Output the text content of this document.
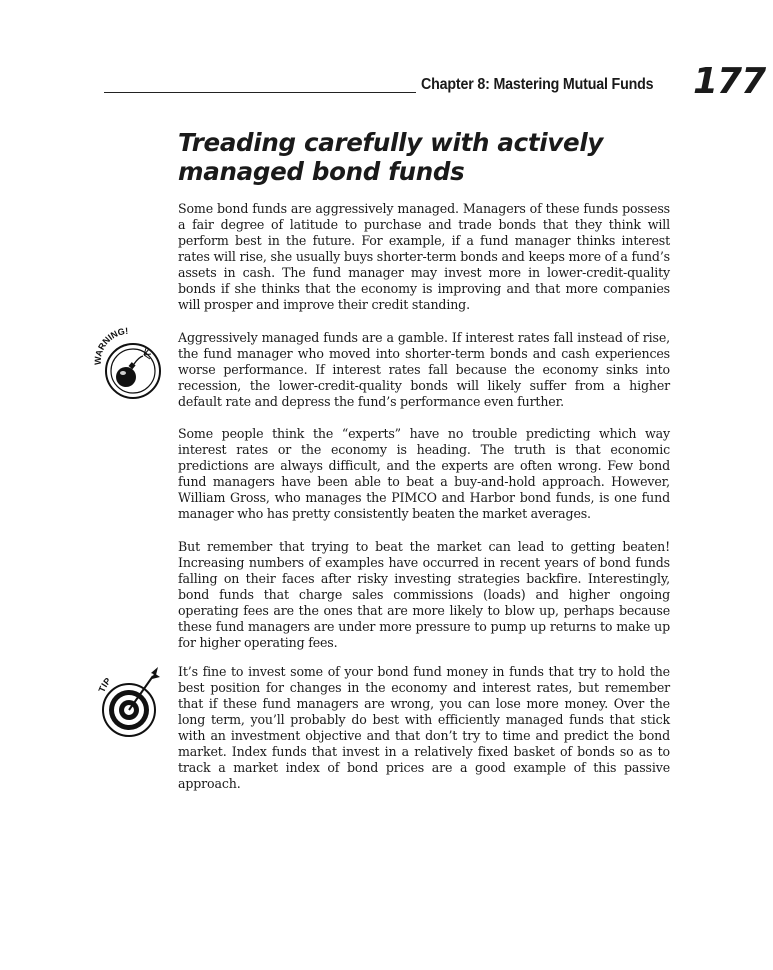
Chapter 8: Mastering Mutual Funds 177
Treading carefully with actively managed bond funds

Some bond funds are aggressively managed. Managers of these funds possess a fair degree of latitude to purchase and trade bonds that they think will perform best in the future. For example, if a fund manager thinks interest rates will rise, she usually buys shorter-term bonds and keeps more of a fund’s assets in cash. The fund manager may invest more in lower-credit-quality bonds if she thinks that the economy is improving and that more companies will prosper and improve their credit standing.

WARNING!	Aggressively managed funds are a gamble. If interest rates fall instead of rise, the fund manager who moved into shorter-term bonds and cash experiences worse performance. If interest rates fall because the economy sinks into recession, the lower-credit-quality bonds will likely suffer from a higher default rate and depress the fund’s performance even further.

Some people think the “experts” have no trouble predicting which way interest rates or the economy is heading. The truth is that economic predictions are always difficult, and the experts are often wrong. Few bond fund managers have been able to beat a buy-and-hold approach. However, William Gross, who manages the PIMCO and Harbor bond funds, is one fund manager who has pretty consistently beaten the market averages.

But remember that trying to beat the market can lead to getting beaten! Increasing numbers of examples have occurred in recent years of bond funds falling on their faces after risky investing strategies backfire. Interestingly, bond funds that charge sales commissions (loads) and higher ongoing operating fees are the ones that are more likely to blow up, perhaps because these fund managers are under more pressure to pump up returns to make up for higher operating fees.

TIP

It’s fine to invest some of your bond fund money in funds that try to hold the best position for changes in the economy and interest rates, but remember that if these fund managers are wrong, you can lose more money. Over the long term, you’ll probably do best with efficiently managed funds that stick with an investment objective and that don’t try to time and predict the bond market. Index funds that invest in a relatively fixed basket of bonds so as to track a market index of bond prices are a good example of this passive approach.
